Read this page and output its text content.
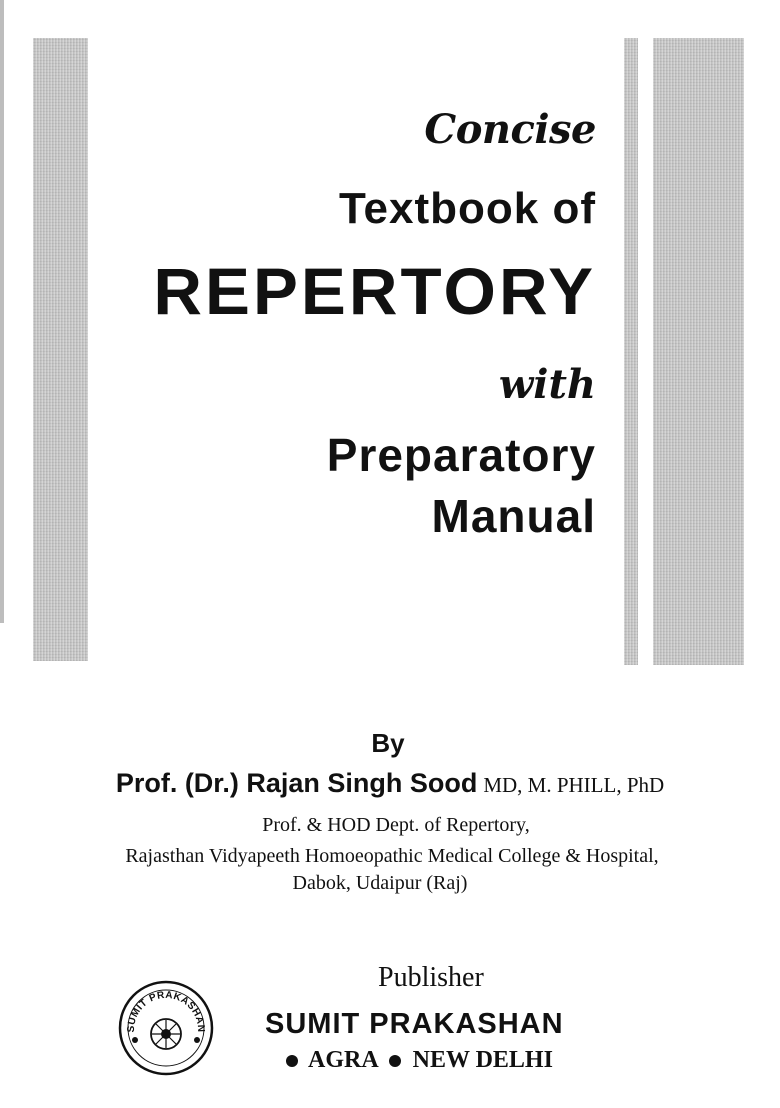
Concise

Textbook of

REPERTORY

with

Preparatory

Manual

By

Prof. (Dr.) Rajan Singh Sood MD, M. PHILL, PhD

Prof. & HOD Dept. of Repertory,

Rajasthan Vidyapeeth Homoeopathic Medical College & Hospital,

Dabok, Udaipur (Raj)

SUMIT PRAKASHAN

Publisher

SUMIT PRAKASHAN

AGRA NEW DELHI
